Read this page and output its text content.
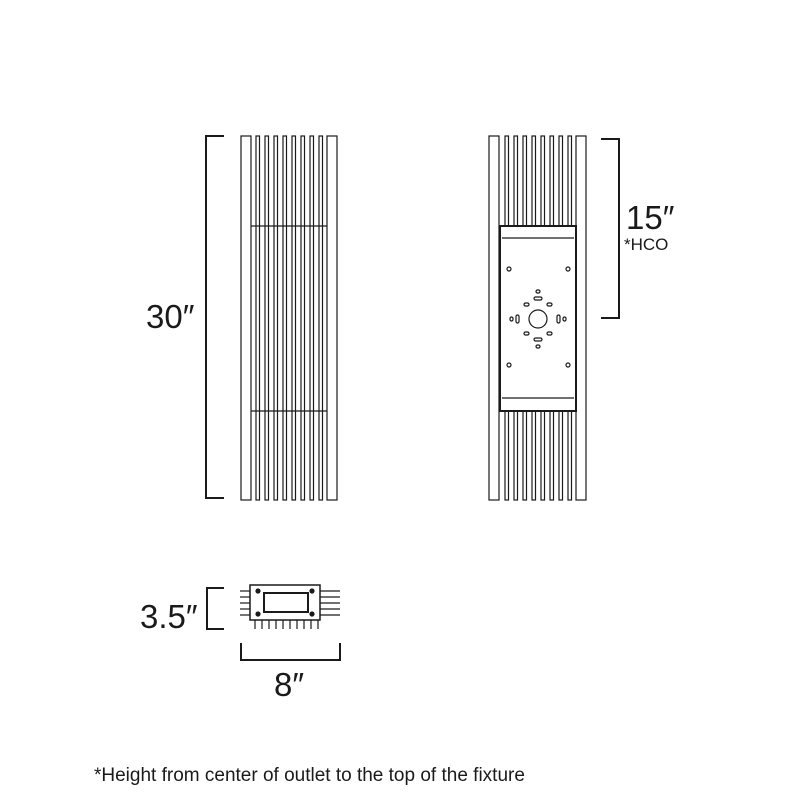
30″
15″
*HCO
3.5″
8″
*Height from center of outlet to the top of the fixture
